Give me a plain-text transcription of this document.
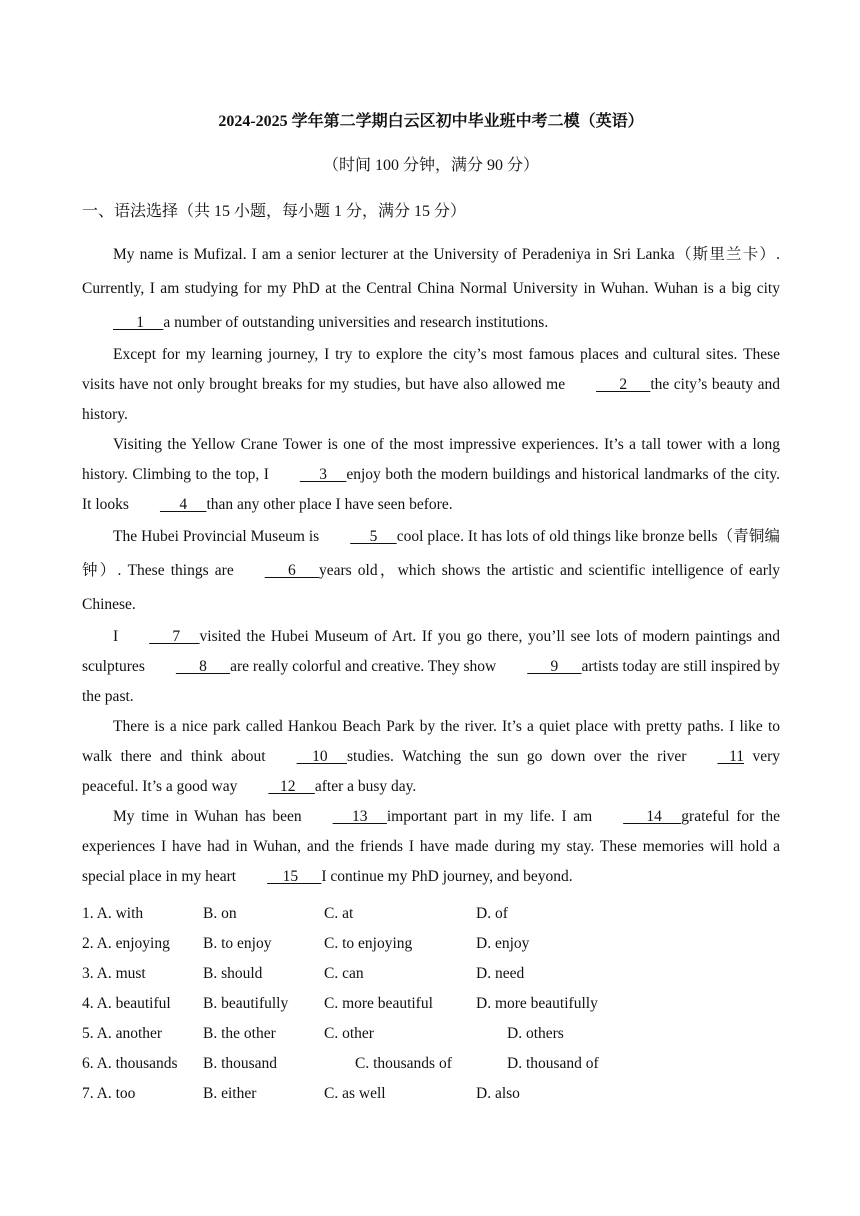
2024-2025 学年第二学期白云区初中毕业班中考二模（英语）
（时间 100 分钟，满分 90 分）
一、语法选择（共 15 小题，每小题 1 分，满分 15 分）

My name is Mufizal. I am a senior lecturer at the University of Peradeniya in Sri Lanka（斯里兰卡）. Currently, I am studying for my PhD at the Central China Normal University in Wuhan. Wuhan is a big city      1     a number of outstanding universities and research institutions.

Except for my learning journey, I try to explore the city’s most famous places and cultural sites. These visits have not only brought breaks for my studies, but have also allowed me      2      the city’s beauty and history.

Visiting the Yellow Crane Tower is one of the most impressive experiences. It’s a tall tower with a long history. Climbing to the top, I     3     enjoy both the modern buildings and historical landmarks of the city. It looks     4     than any other place I have seen before.

The Hubei Provincial Museum is     5     cool place. It has lots of old things like bronze bells（青铜编钟）. These things are      6      years old，which shows the artistic and scientific intelligence of early Chinese.

I      7     visited the Hubei Museum of Art. If you go there, you’ll see lots of modern paintings and sculptures      8      are really colorful and creative. They show      9      artists today are still inspired by the past.

There is a nice park called Hankou Beach Park by the river. It’s a quiet place with pretty paths. I like to walk there and think about    10     studies. Watching the sun go down over the river   11 very peaceful. It’s a good way   12     after a busy day.

My time in Wuhan has been     13     important part in my life. I am      14     grateful for the experiences I have had in Wuhan, and the friends I have made during my stay. These memories will hold a special place in my heart    15      I continue my PhD journey, and beyond.

1. A. with	B. on	C. at	D. of
2. A. enjoying B. to enjoy	C. to enjoying	D. enjoy
3. A. must	B. should	C. can	D. need
4. A. beautiful B. beautifully C. more beautiful	D. more beautifully
5. A. another	B. the other	C. other	D. others
6. A. thousands B. thousand	C. thousands of	D. thousand of
7. A. too	B. either	C. as well	D. also
